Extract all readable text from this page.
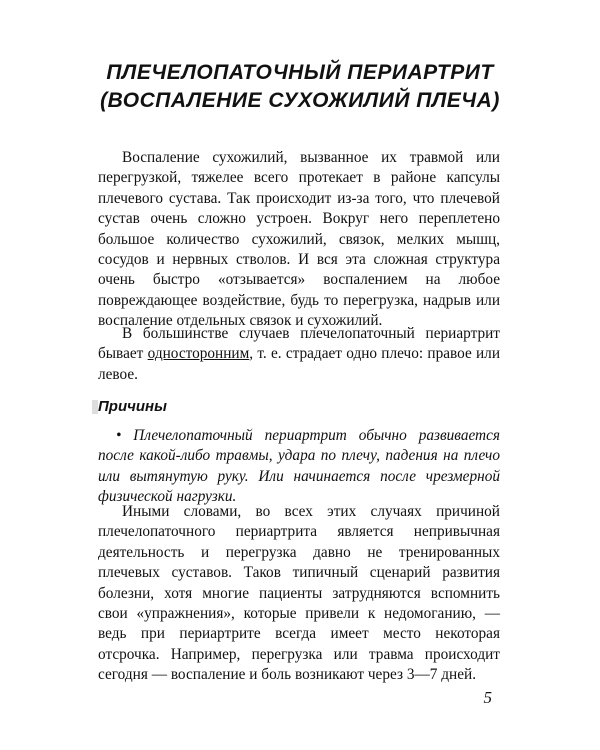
ПЛЕЧЕЛОПАТОЧНЫЙ ПЕРИАРТРИТ
(ВОСПАЛЕНИЕ СУХОЖИЛИЙ ПЛЕЧА)

Воспаление сухожилий, вызванное их травмой или перегрузкой, тяжелее всего протекает в районе капсулы плечевого сустава. Так происходит из-за того, что плечевой сустав очень сложно устроен. Вокруг него переплетено большое количество сухожилий, связок, мелких мышц, сосудов и нервных стволов. И вся эта сложная структура очень быстро «отзывается» воспалением на любое повреждающее воздействие, будь то перегрузка, надрыв или воспаление отдельных связок и сухожилий.

В большинстве случаев плечелопаточный периартрит бывает односторонним, т. е. страдает одно плечо: правое или левое.

Причины

• Плечелопаточный периартрит обычно развивается после какой-либо травмы, удара по плечу, падения на плечо или вытянутую руку. Или начинается после чрезмерной физической нагрузки.

Иными словами, во всех этих случаях причиной плечелопаточного периартрита является непривычная деятельность и перегрузка давно не тренированных плечевых суставов. Таков типичный сценарий развития болезни, хотя многие пациенты затрудняются вспомнить свои «упражнения», которые привели к недомоганию, — ведь при периартрите всегда имеет место некоторая отсрочка. Например, перегрузка или травма происходит сегодня — воспаление и боль возникают через 3—7 дней.

5
